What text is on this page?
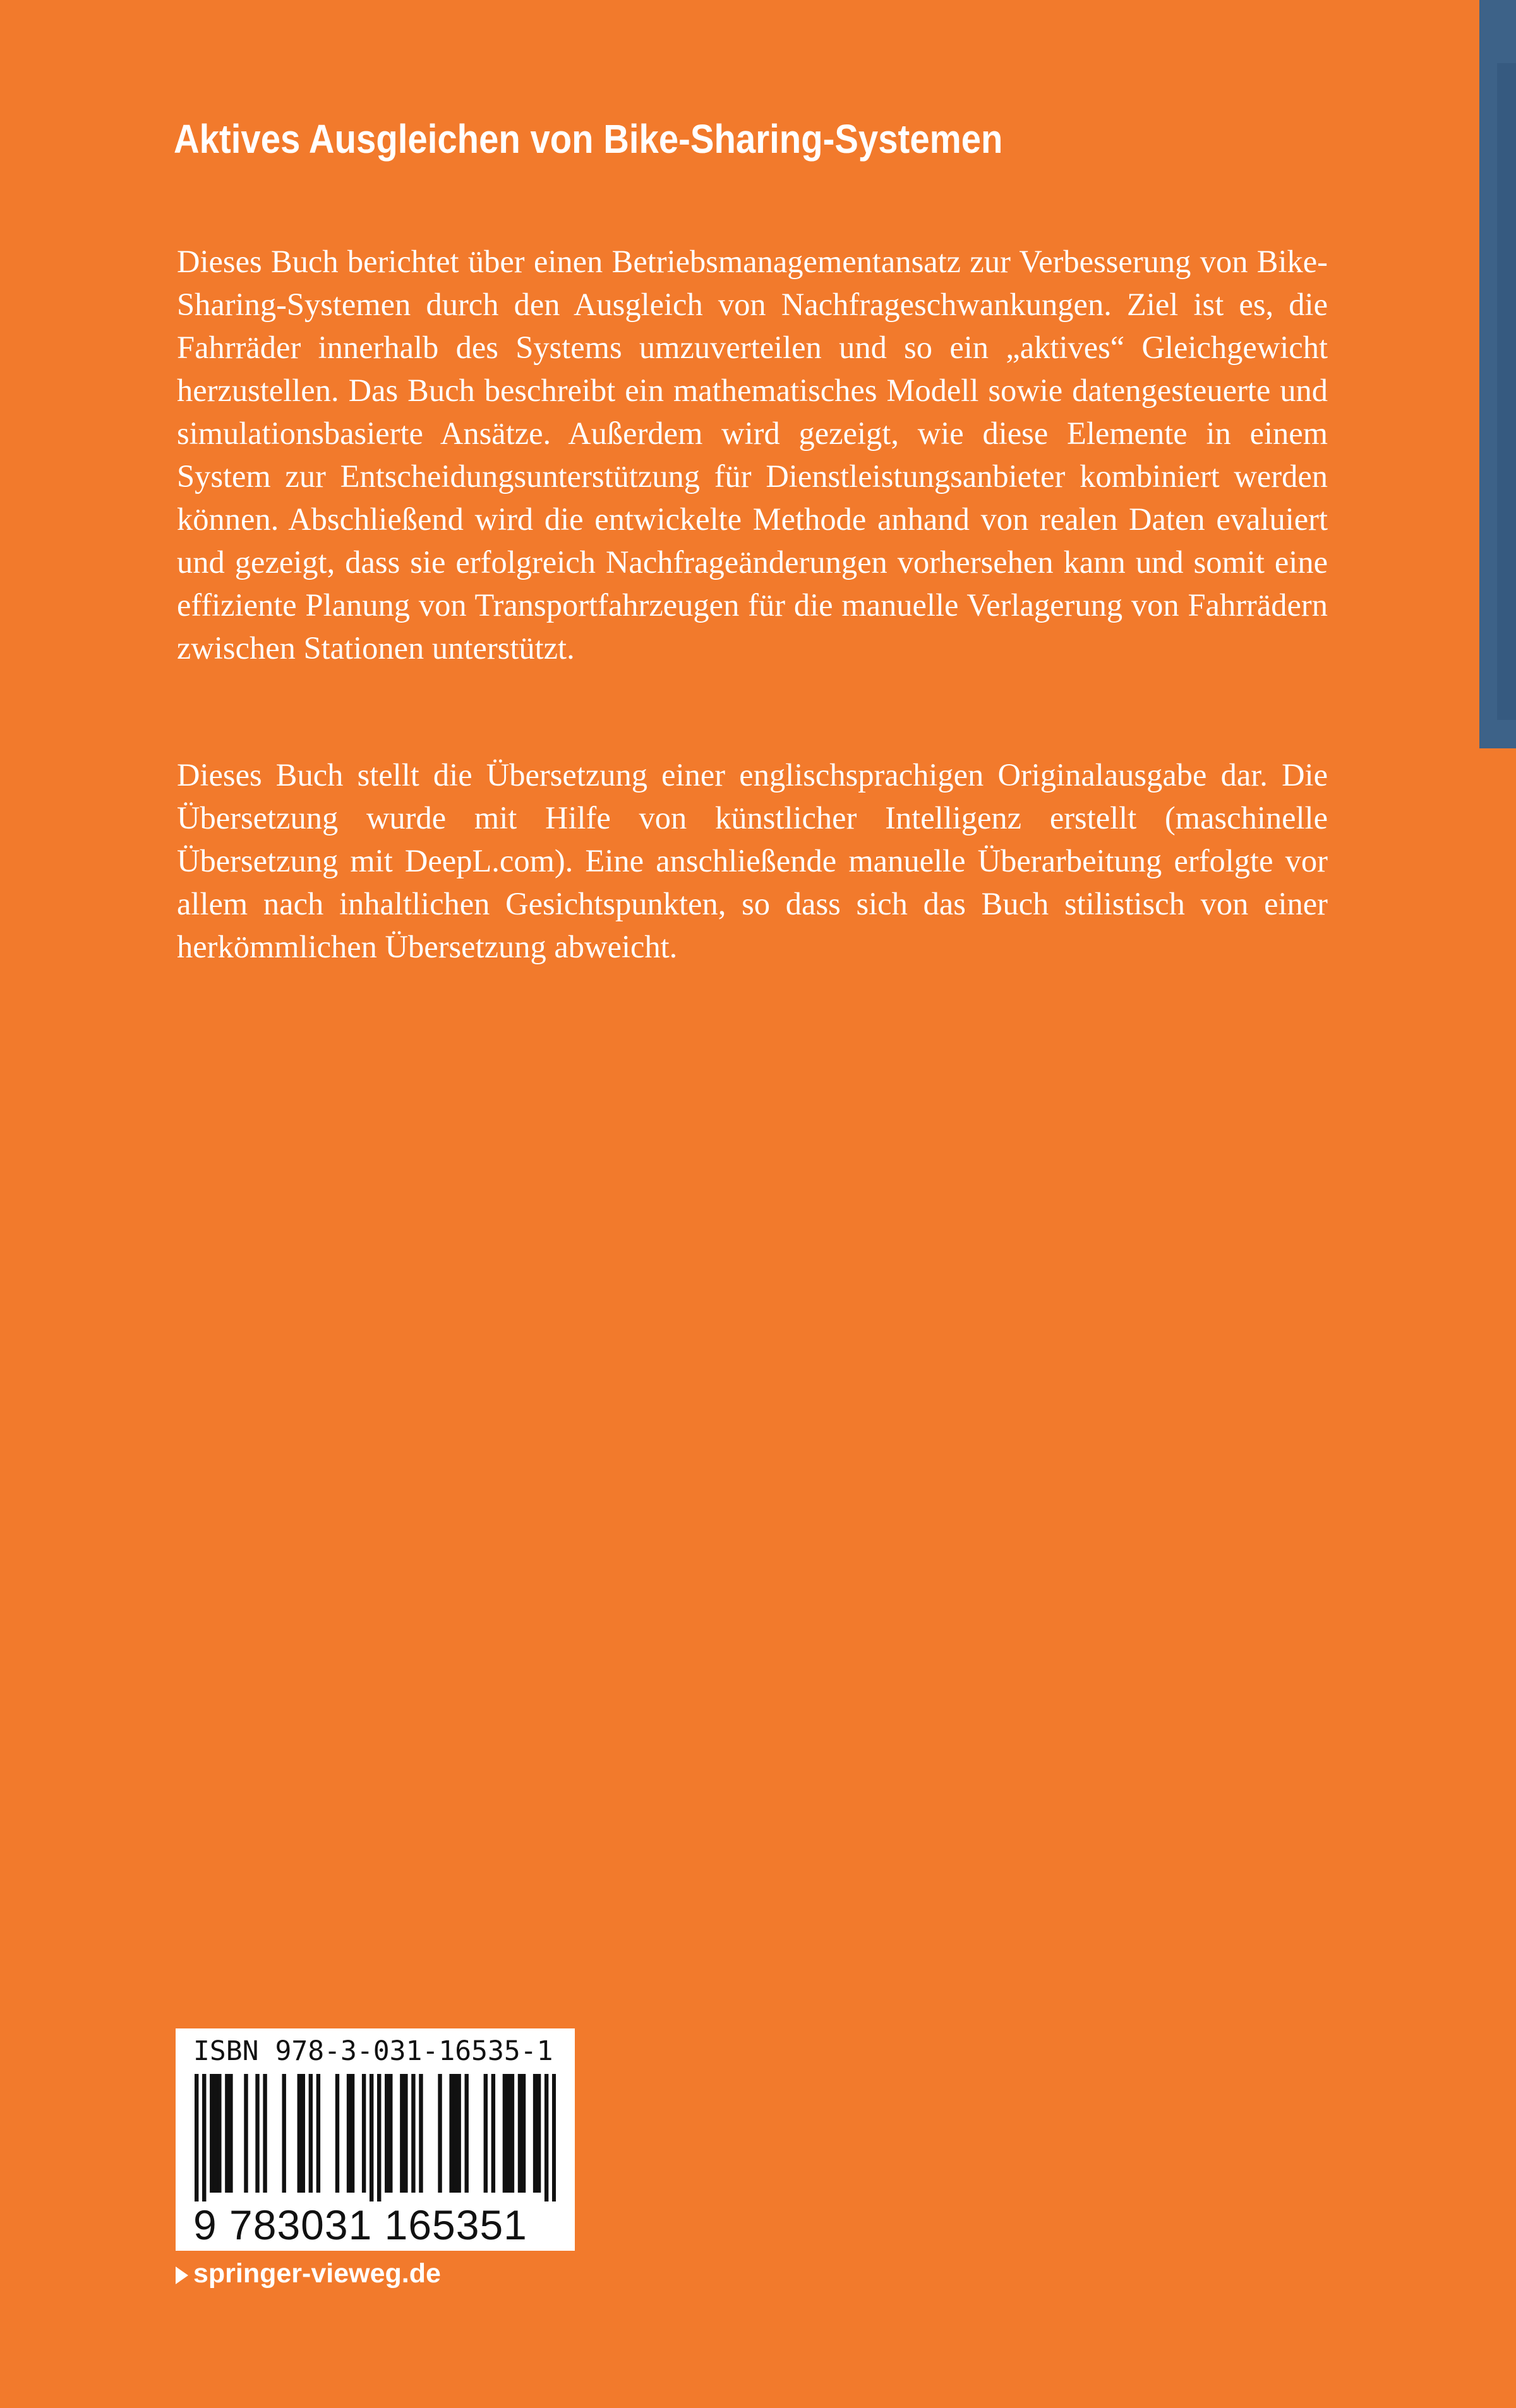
Aktives Ausgleichen von Bike-Sharing-Systemen

Dieses Buch berichtet über einen Betriebsmanagementansatz zur Verbesserung von Bike-Sharing-Systemen durch den Ausgleich von Nachfrageschwankungen. Ziel ist es, die Fahrräder innerhalb des Systems umzuverteilen und so ein „aktives“ Gleichgewicht herzustellen. Das Buch beschreibt ein mathematisches Modell sowie datengesteuerte und simulationsbasierte Ansätze. Außerdem wird gezeigt, wie diese Elemente in einem System zur Entscheidungsunterstützung für Dienstleistungsanbieter kombiniert werden können. Abschließend wird die entwickelte Methode anhand von realen Daten evaluiert und gezeigt, dass sie erfolgreich Nachfrageänderungen vorhersehen kann und somit eine effiziente Planung von Transportfahrzeugen für die manuelle Verlagerung von Fahrrädern zwischen Stationen unterstützt.

Dieses Buch stellt die Übersetzung einer englischsprachigen Originalausgabe dar. Die Übersetzung wurde mit Hilfe von künstlicher Intelligenz erstellt (maschinelle Übersetzung mit DeepL.com). Eine anschließende manuelle Überarbeitung erfolgte vor allem nach inhaltlichen Gesichtspunkten, so dass sich das Buch stilistisch von einer herkömmlichen Übersetzung abweicht.

ISBN 978-3-031-16535-1
9 783031 165351
springer-vieweg.de
